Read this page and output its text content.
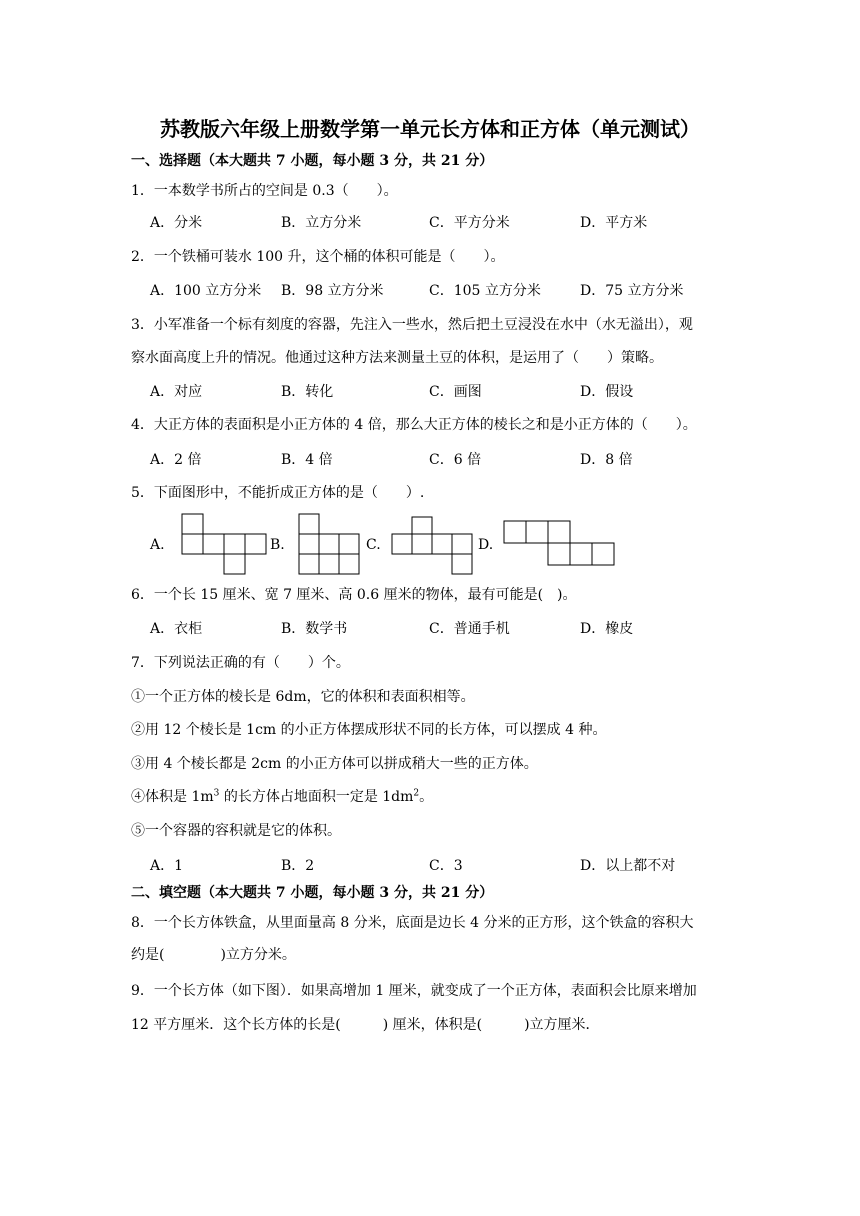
苏教版六年级上册数学第一单元长方体和正方体（单元测试）
一、选择题（本大题共 7 小题，每小题 3 分，共 21 分）
1．一本数学书所占的空间是 0.3（　　）。
A．分米	B．立方分米	C．平方分米	D．平方米
2．一个铁桶可装水 100 升，这个桶的体积可能是（　　）。
A．100 立方分米 B．98 立方分米	C．105 立方分米	D．75 立方分米
3．小军准备一个标有刻度的容器，先注入一些水，然后把土豆浸没在水中（水无溢出），观
察水面高度上升的情况。他通过这种方法来测量土豆的体积，是运用了（　　）策略。
A．对应	B．转化	C．画图	D．假设
4．大正方体的表面积是小正方体的 4 倍，那么大正方体的棱长之和是小正方体的（　　）。
A．2 倍	B．4 倍	C．6 倍	D．8 倍
5．下面图形中，不能折成正方体的是（　　）.
A.	B.	C.	D.
6．一个长 15 厘米、宽 7 厘米、高 0.6 厘米的物体，最有可能是(　)。
A．衣柜	B．数学书	C．普通手机	D．橡皮
7．下列说法正确的有（　　）个。
①一个正方体的棱长是 6dm，它的体积和表面积相等。
②用 12 个棱长是 1cm 的小正方体摆成形状不同的长方体，可以摆成 4 种。
③用 4 个棱长都是 2cm 的小正方体可以拼成稍大一些的正方体。
④体积是 $1m^3$ 的长方体占地面积一定是 $1dm^2$。
⑤一个容器的容积就是它的体积。
A．1	B．2	C．3	D．以上都不对
二、填空题（本大题共 7 小题，每小题 3 分，共 21 分）
8．一个长方体铁盒，从里面量高 8 分米，底面是边长 4 分米的正方形，这个铁盒的容积大
约是(　　　　)立方分米。
9．一个长方体（如下图）．如果高增加 1 厘米，就变成了一个正方体，表面积会比原来增加
12 平方厘米．这个长方体的长是(　　　) 厘米，体积是(　　　)立方厘米．
